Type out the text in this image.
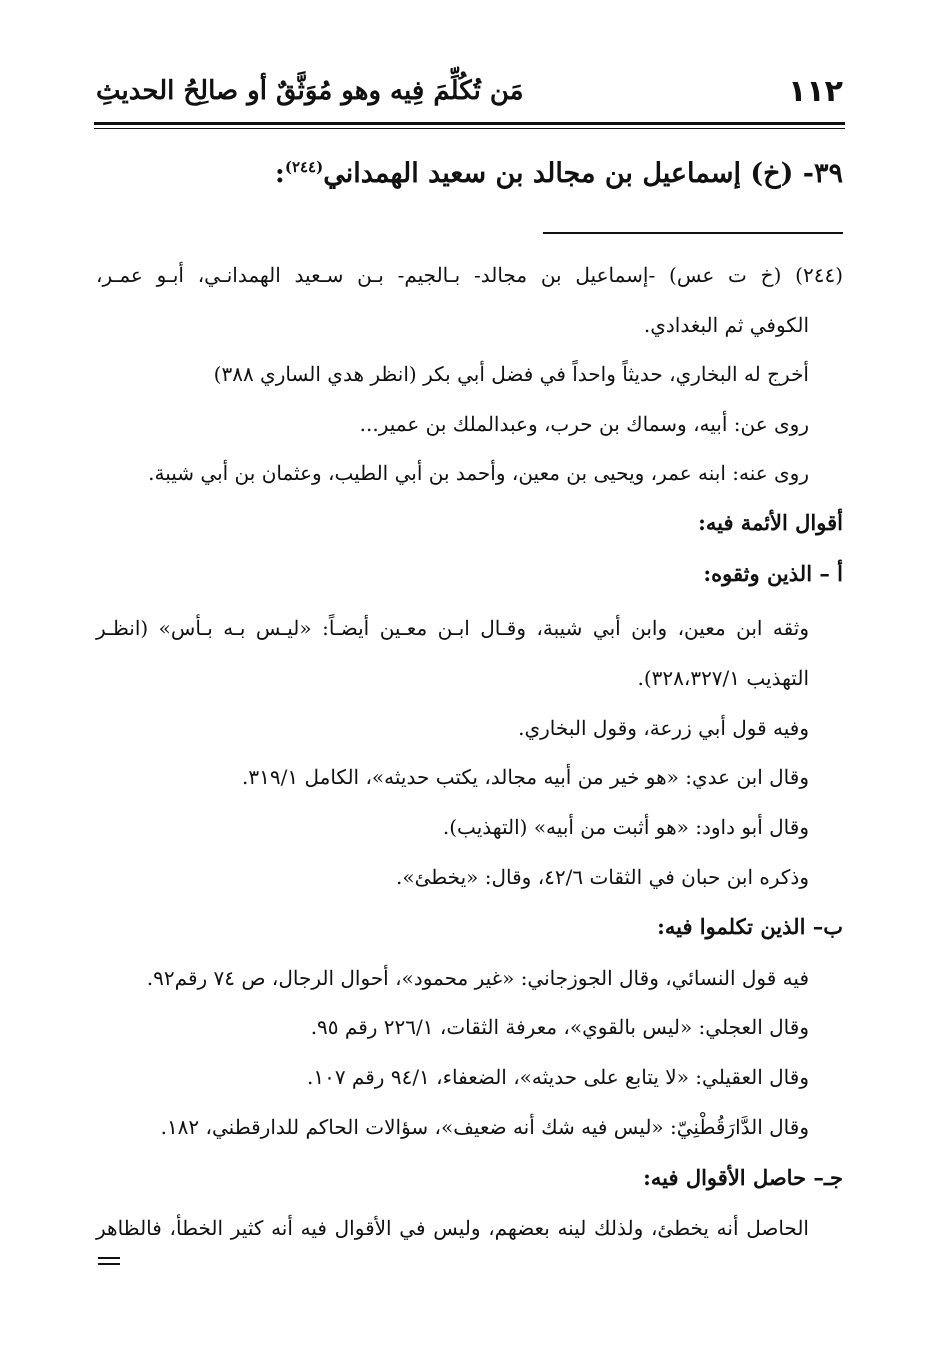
١١٢
مَن تُكُلِّمَ فِيه وهو مُوَثَّقٌ أو صالِحُ الحديثِ
٣٩- (خ) إسماعيل بن مجالد بن سعيد الهمداني$^{(٢٤٤)}$:
(٢٤٤) (خ ت عس) -إسماعيل بن مجالد- بـالجيم- بـن سـعيد الهمدانـي، أبـو عمـر،
الكوفي ثم البغدادي.
أخرج له البخاري، حديثاً واحداً في فضل أبي بكر (انظر هدي الساري ٣٨٨)
روى عن: أبيه، وسماك بن حرب، وعبدالملك بن عمير...
روى عنه: ابنه عمر، ويحيى بن معين، وأحمد بن أبي الطيب، وعثمان بن أبي شيبة.
أقوال الأئمة فيه:
أ – الذين وثقوه:
وثقه ابن معين، وابن أبي شيبة، وقـال ابـن معـين أيضـاً: «ليـس بـه بـأس» (انظـر
التهذيب ٣٢٨،٣٢٧/١).
وفيه قول أبي زرعة، وقول البخاري.
وقال ابن عدي: «هو خير من أبيه مجالد، يكتب حديثه»، الكامل ٣١٩/١.
وقال أبو داود: «هو أثبت من أبيه» (التهذيب).
وذكره ابن حبان في الثقات ٤٢/٦، وقال: «يخطئ».
ب– الذين تكلموا فيه:
فيه قول النسائي، وقال الجوزجاني: «غير محمود»، أحوال الرجال، ص ٧٤ رقم٩٢.
وقال العجلي: «ليس بالقوي»، معرفة الثقات، ٢٢٦/١ رقم ٩٥.
وقال العقيلي: «لا يتابع على حديثه»، الضعفاء، ٩٤/١ رقم ١٠٧.
وقال الدَّارَقُطْنِيّ: «ليس فيه شك أنه ضعيف»، سؤالات الحاكم للدارقطني، ١٨٢.
جـ– حاصل الأقوال فيه:
الحاصل أنه يخطئ، ولذلك لينه بعضهم، وليس في الأقوال فيه أنه كثير الخطأ، فالظاهر
